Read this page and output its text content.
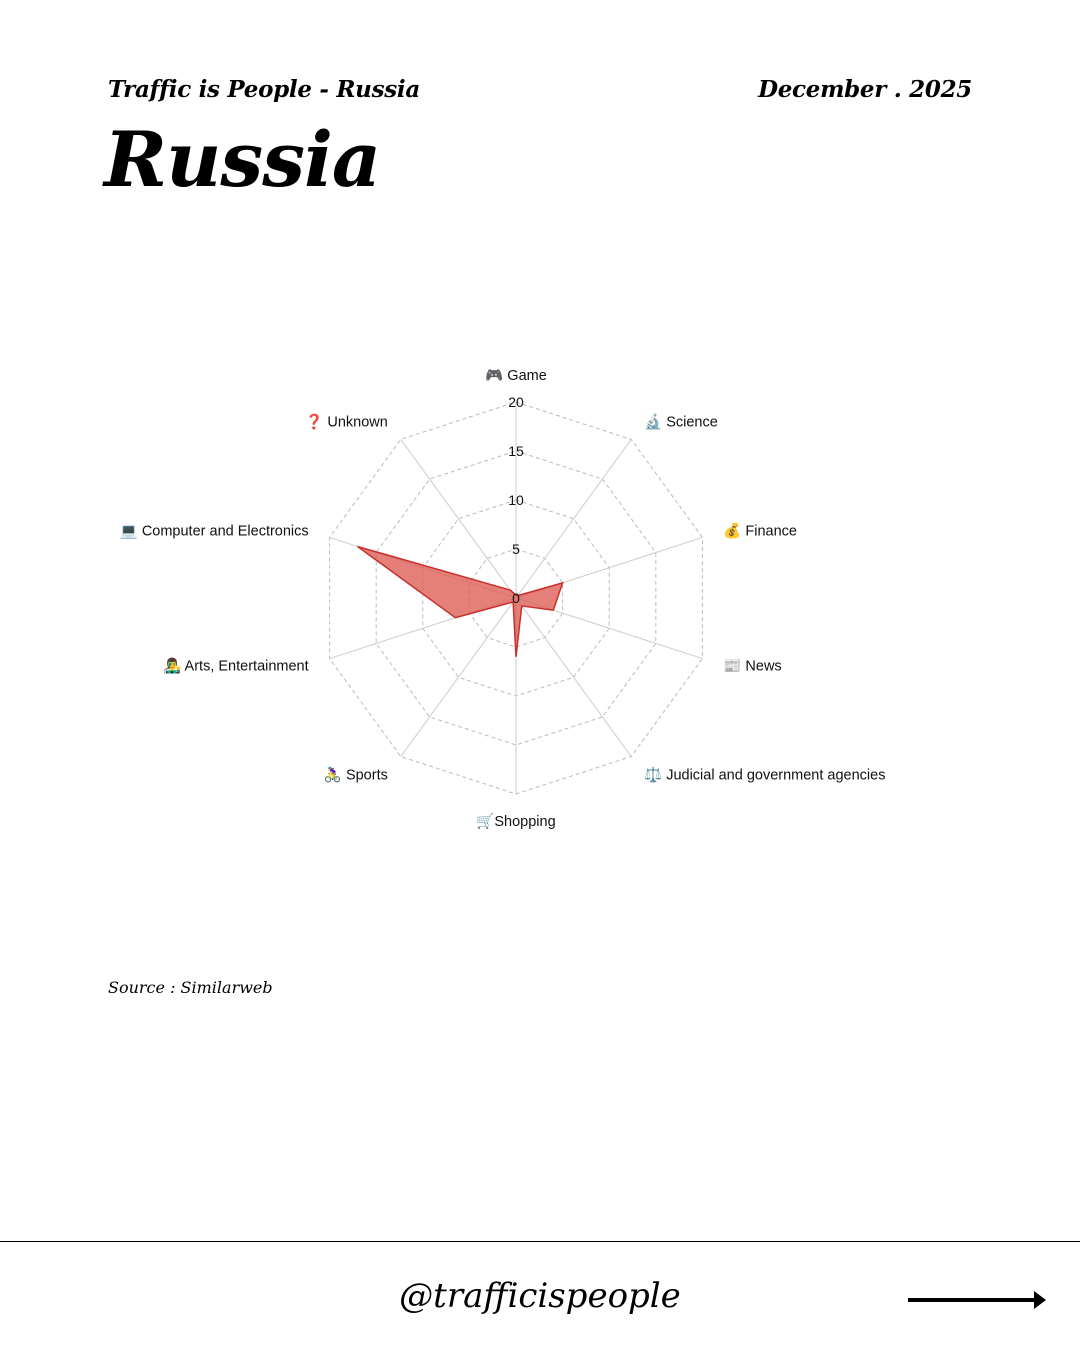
Traffic is People - Russia	December . 2025
Russia
0
5
10
15
20
🎮 Game
🔬 Science
💰 Finance
📰 News
⚖️ Judicial and government agencies
🛒Shopping
🚴‍♀️ Sports
👨‍🎤 Arts, Entertainment
💻 Computer and Electronics
❓ Unknown
Source : Similarweb
@trafficispeople
